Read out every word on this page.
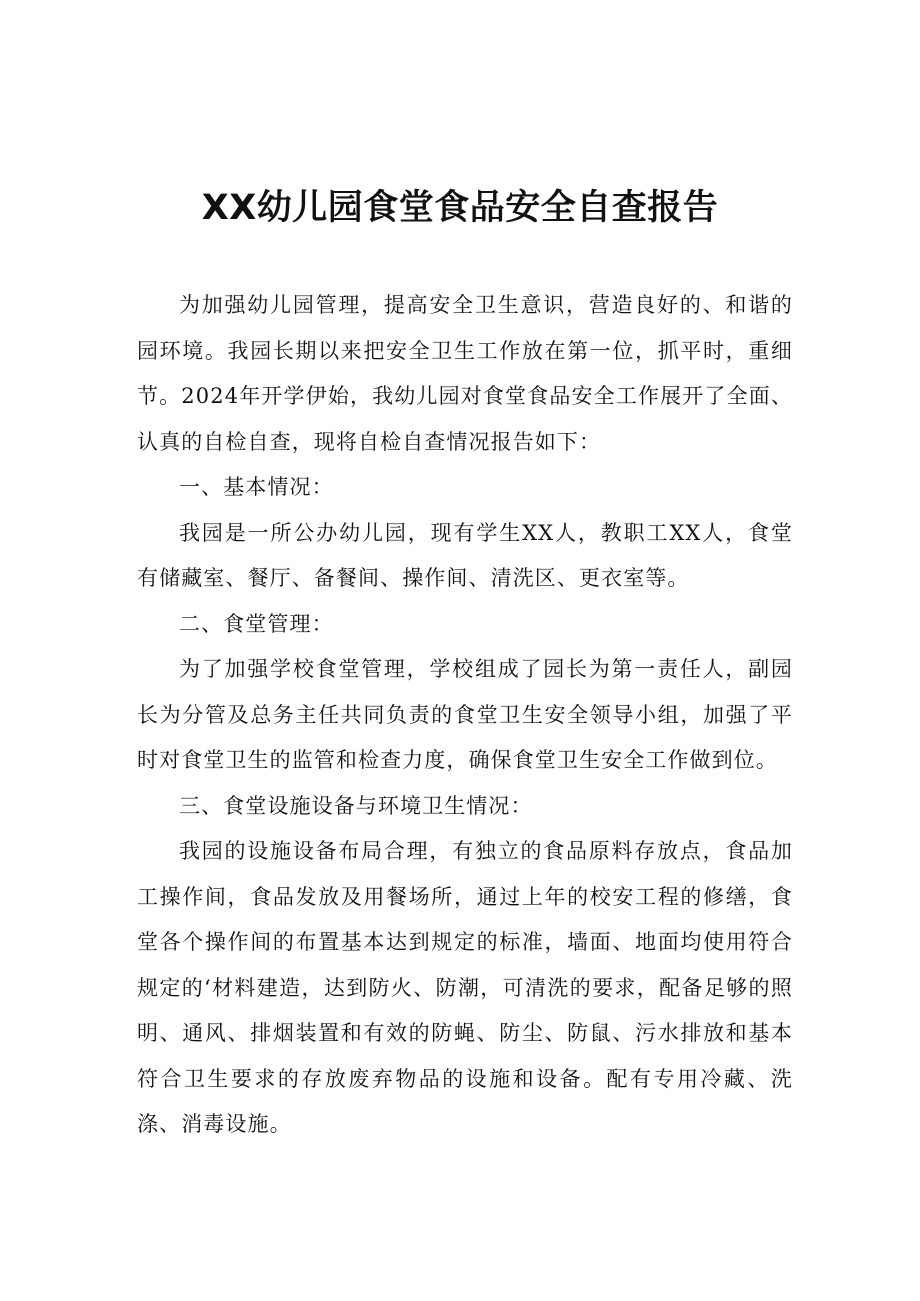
XX幼儿园食堂食品安全自查报告

为加强幼儿园管理，提高安全卫生意识，营造良好的、和谐的园环境。我园长期以来把安全卫生工作放在第一位，抓平时，重细节。2024年开学伊始，我幼儿园对食堂食品安全工作展开了全面、认真的自检自查，现将自检自查情况报告如下：

一、基本情况：

我园是一所公办幼儿园，现有学生XX人，教职工XX人，食堂有储藏室、餐厅、备餐间、操作间、清洗区、更衣室等。

二、食堂管理：

为了加强学校食堂管理，学校组成了园长为第一责任人，副园长为分管及总务主任共同负责的食堂卫生安全领导小组，加强了平时对食堂卫生的监管和检查力度，确保食堂卫生安全工作做到位。

三、食堂设施设备与环境卫生情况：

我园的设施设备布局合理，有独立的食品原料存放点，食品加工操作间，食品发放及用餐场所，通过上年的校安工程的修缮，食堂各个操作间的布置基本达到规定的标准，墙面、地面均使用符合规定的‘材料建造，达到防火、防潮，可清洗的要求，配备足够的照明、通风、排烟装置和有效的防蝇、防尘、防鼠、污水排放和基本符合卫生要求的存放废弃物品的设施和设备。配有专用冷藏、洗涤、消毒设施。
